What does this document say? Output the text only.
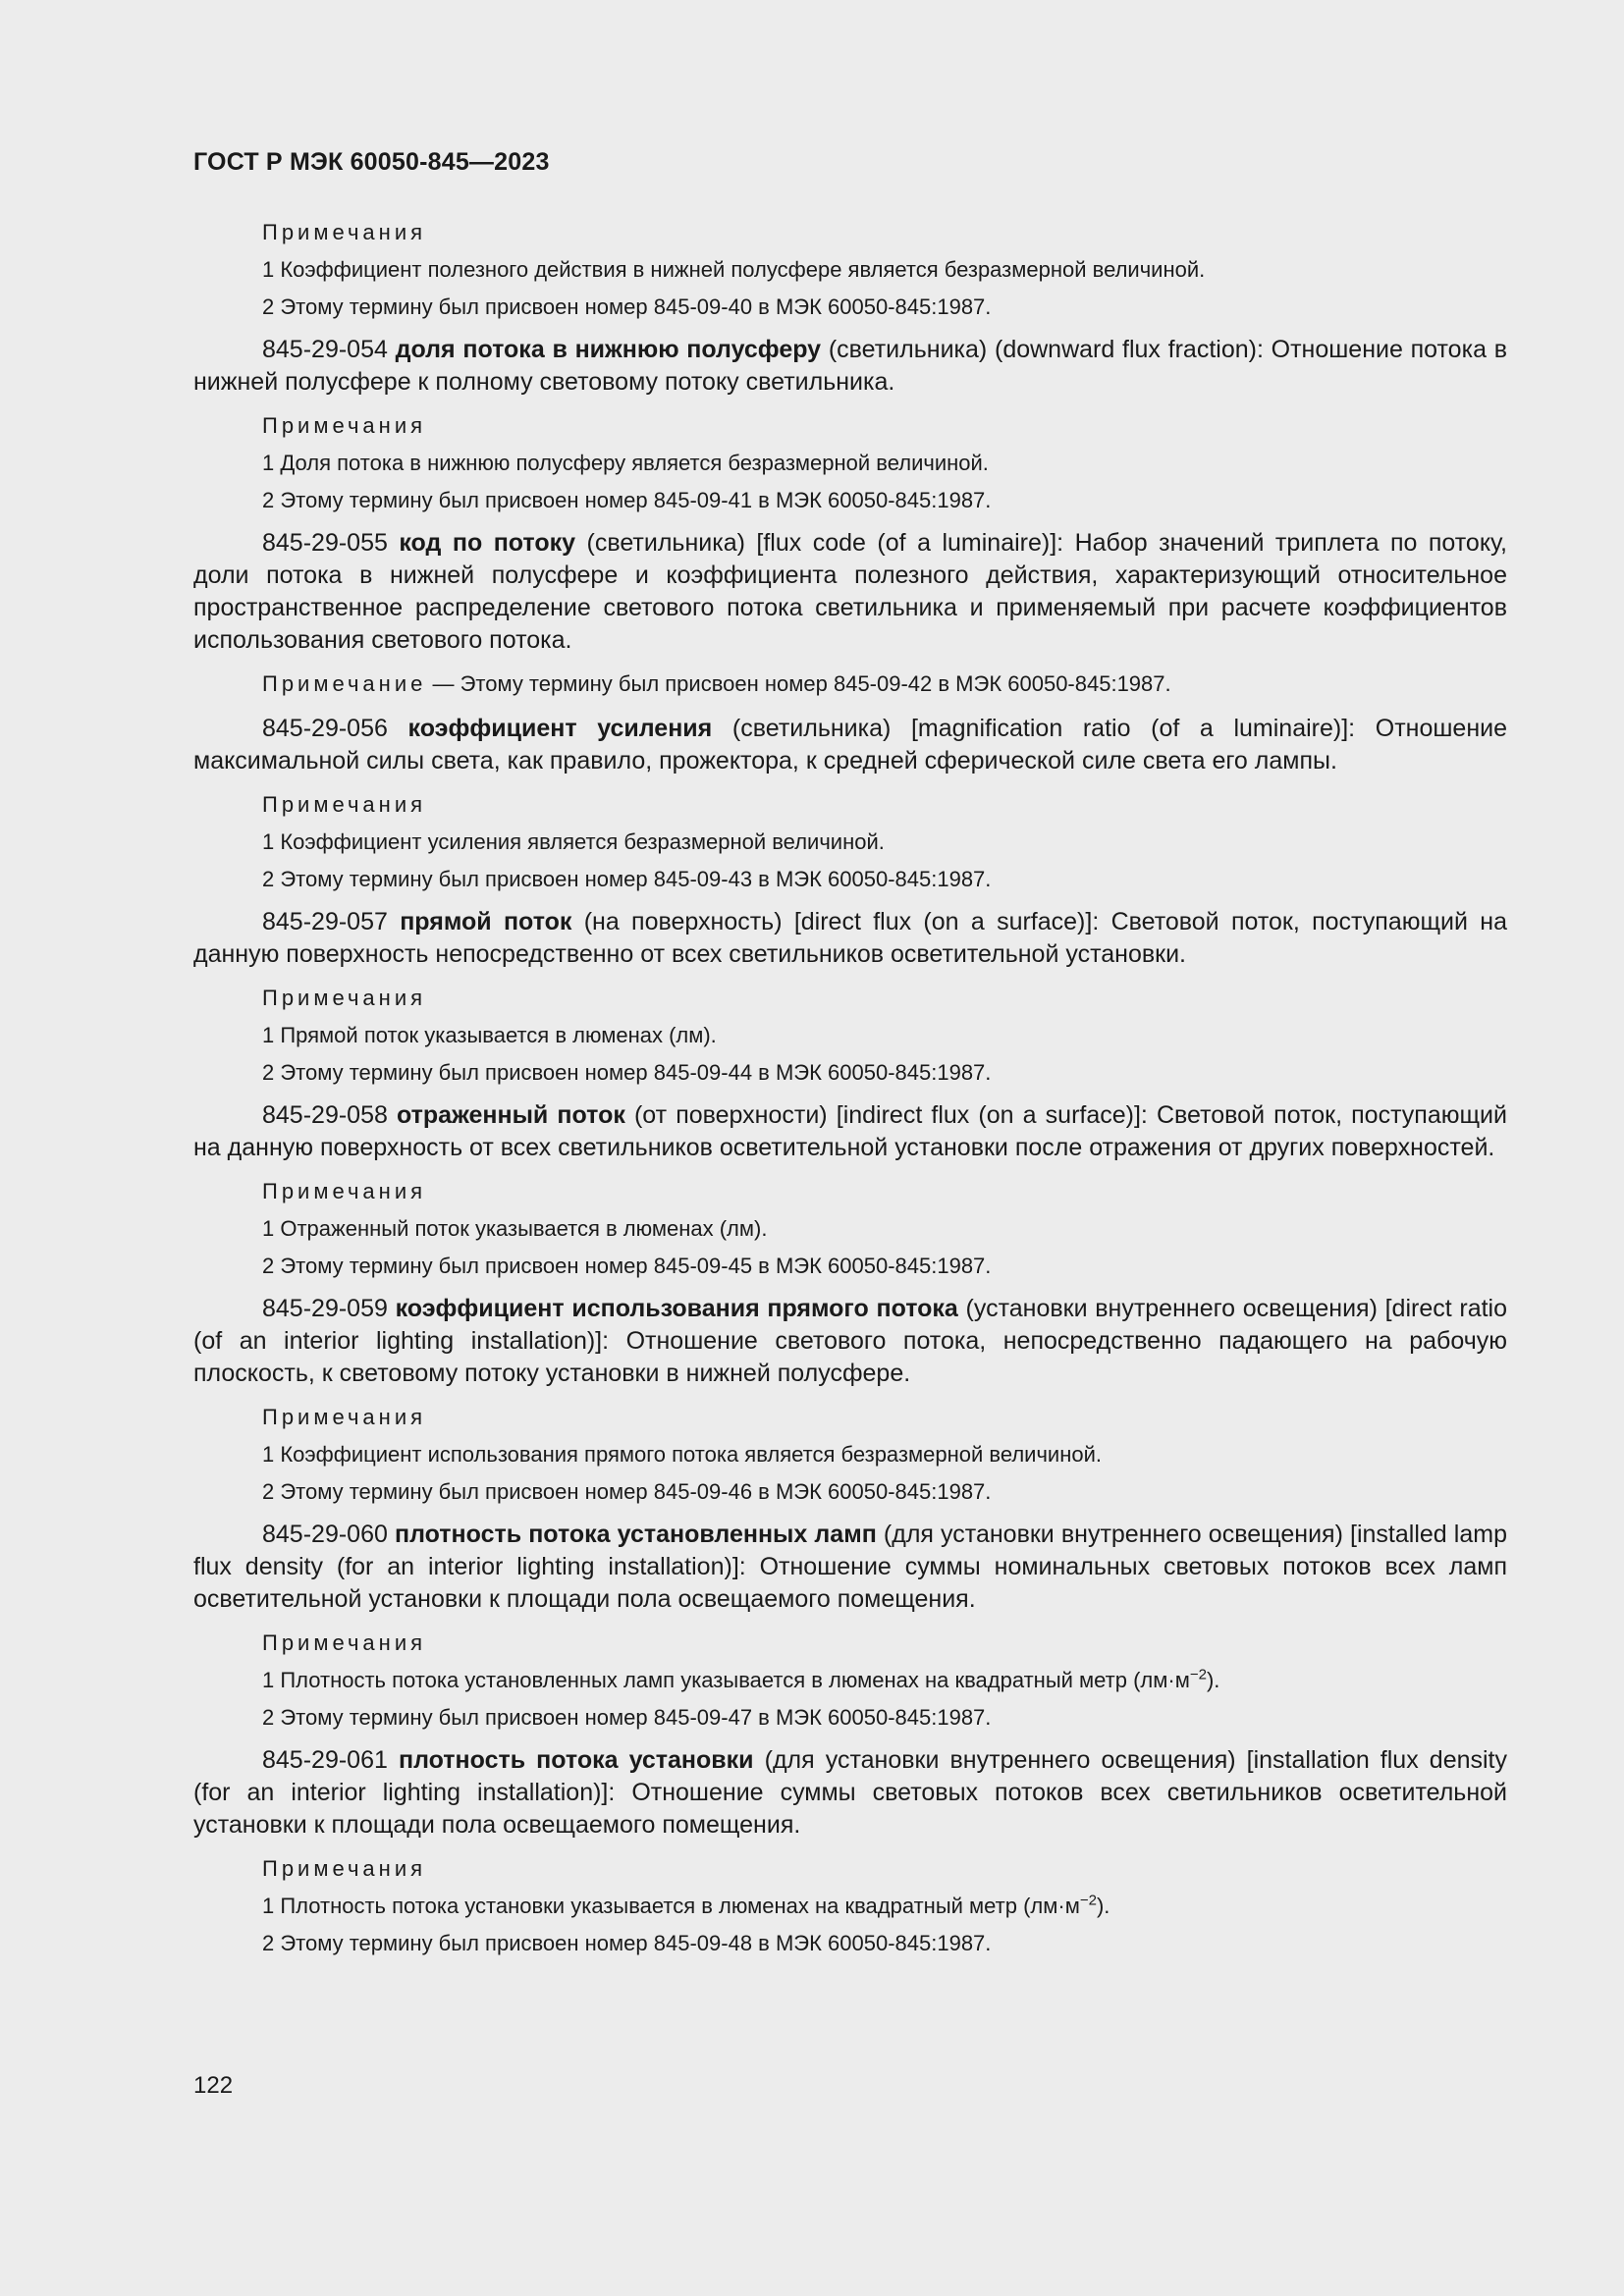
ГОСТ Р МЭК 60050-845—2023
Примечания
1 Коэффициент полезного действия в нижней полусфере является безразмерной величиной.
2 Этому термину был присвоен номер 845-09-40 в МЭК 60050-845:1987.

845-29-054 доля потока в нижнюю полусферу (светильника) (downward flux fraction): Отношение потока в нижней полусфере к полному световому потоку светильника.

Примечания
1 Доля потока в нижнюю полусферу является безразмерной величиной.
2 Этому термину был присвоен номер 845-09-41 в МЭК 60050-845:1987.

845-29-055 код по потоку (светильника) [flux code (of a luminaire)]: Набор значений триплета по потоку, доли потока в нижней полусфере и коэффициента полезного действия, характеризующий относительное пространственное распределение светового потока светильника и применяемый при расчете коэффициентов использования светового потока.

Примечание — Этому термину был присвоен номер 845-09-42 в МЭК 60050-845:1987.

845-29-056 коэффициент усиления (светильника) [magnification ratio (of a luminaire)]: Отношение максимальной силы света, как правило, прожектора, к средней сферической силе света его лампы.

Примечания
1 Коэффициент усиления является безразмерной величиной.
2 Этому термину был присвоен номер 845-09-43 в МЭК 60050-845:1987.

845-29-057 прямой поток (на поверхность) [direct flux (on a surface)]: Световой поток, поступающий на данную поверхность непосредственно от всех светильников осветительной установки.

Примечания
1 Прямой поток указывается в люменах (лм).
2 Этому термину был присвоен номер 845-09-44 в МЭК 60050-845:1987.

845-29-058 отраженный поток (от поверхности) [indirect flux (on a surface)]: Световой поток, поступающий на данную поверхность от всех светильников осветительной установки после отражения от других поверхностей.

Примечания
1 Отраженный поток указывается в люменах (лм).
2 Этому термину был присвоен номер 845-09-45 в МЭК 60050-845:1987.

845-29-059 коэффициент использования прямого потока (установки внутреннего освещения) [direct ratio (of an interior lighting installation)]: Отношение светового потока, непосредственно падающего на рабочую плоскость, к световому потоку установки в нижней полусфере.

Примечания
1 Коэффициент использования прямого потока является безразмерной величиной.
2 Этому термину был присвоен номер 845-09-46 в МЭК 60050-845:1987.

845-29-060 плотность потока установленных ламп (для установки внутреннего освещения) [installed lamp flux density (for an interior lighting installation)]: Отношение суммы номинальных световых потоков всех ламп осветительной установки к площади пола освещаемого помещения.

Примечания
1 Плотность потока установленных ламп указывается в люменах на квадратный метр $(лм\cdot м^{-2})$.
2 Этому термину был присвоен номер 845-09-47 в МЭК 60050-845:1987.

845-29-061 плотность потока установки (для установки внутреннего освещения) [installation flux density (for an interior lighting installation)]: Отношение суммы световых потоков всех светильников осветительной установки к площади пола освещаемого помещения.

Примечания
1 Плотность потока установки указывается в люменах на квадратный метр $(лм\cdot м^{-2})$.
2 Этому термину был присвоен номер 845-09-48 в МЭК 60050-845:1987.
122
